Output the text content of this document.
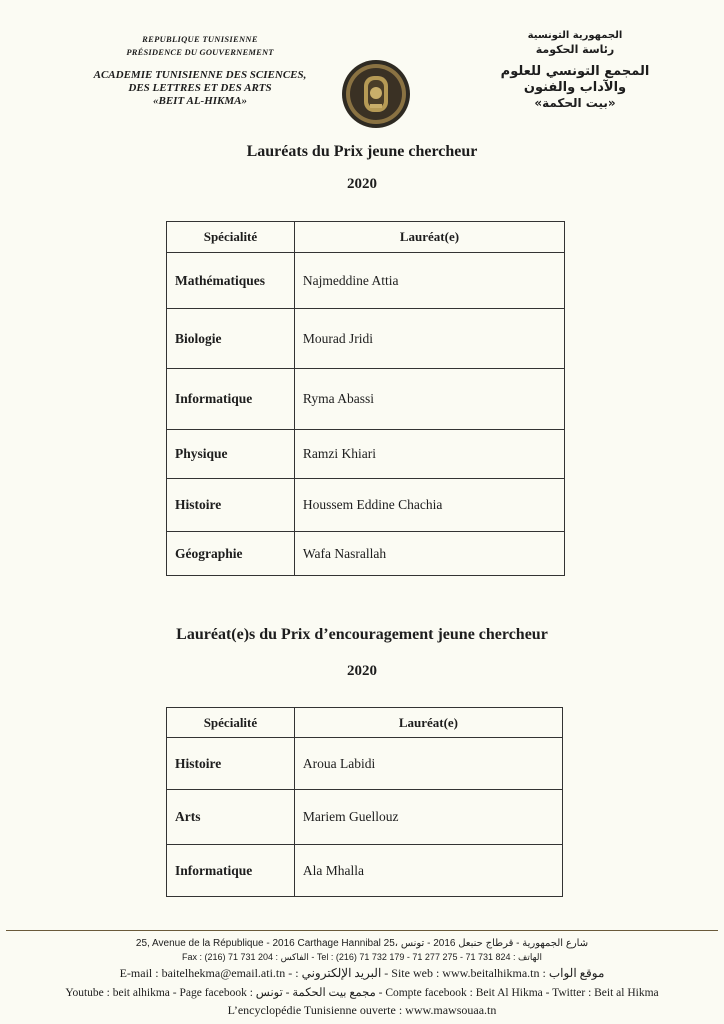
REPUBLIQUE TUNISIENNE
PRÉSIDENCE DU GOUVERNEMENT
ACADEMIE TUNISIENNE DES SCIENCES,
DES LETTRES ET DES ARTS
«BEIT AL-HIKMA»
الجمهورية التونسية
رئاسة الحكومة
المجمع التونسي للعلوم
والآداب والفنون
«بيت الحكمة»
Lauréats du Prix jeune chercheur
2020
Spécialité	Lauréat(e)
Mathématiques	Najmeddine Attia
Biologie	Mourad Jridi
Informatique	Ryma Abassi
Physique	Ramzi Khiari
Histoire	Houssem Eddine Chachia
Géographie	Wafa Nasrallah
Lauréat(e)s du Prix d’encouragement jeune chercheur
2020
Spécialité	Lauréat(e)
Histoire	Aroua Labidi
Arts	Mariem Guellouz
Informatique	Ala Mhalla
25, Avenue de la République - 2016 Carthage Hannibal 25، شارع الجمهورية - قرطاج حنبعل 2016 - تونس
Fax : (216) 71 731 204 : الفاكس - Tel : (216) 71 732 179 - 71 277 275 - 71 731 824 : الهاتف
E-mail : baitelhekma@email.ati.tn - : البريد الإلكتروني - Site web : www.beitalhikma.tn : موقع الواب
Youtube : beit alhikma - Page facebook : مجمع بيت الحكمة - تونس - Compte facebook : Beit Al Hikma - Twitter : Beit al Hikma
L’encyclopédie Tunisienne ouverte : www.mawsouaa.tn
